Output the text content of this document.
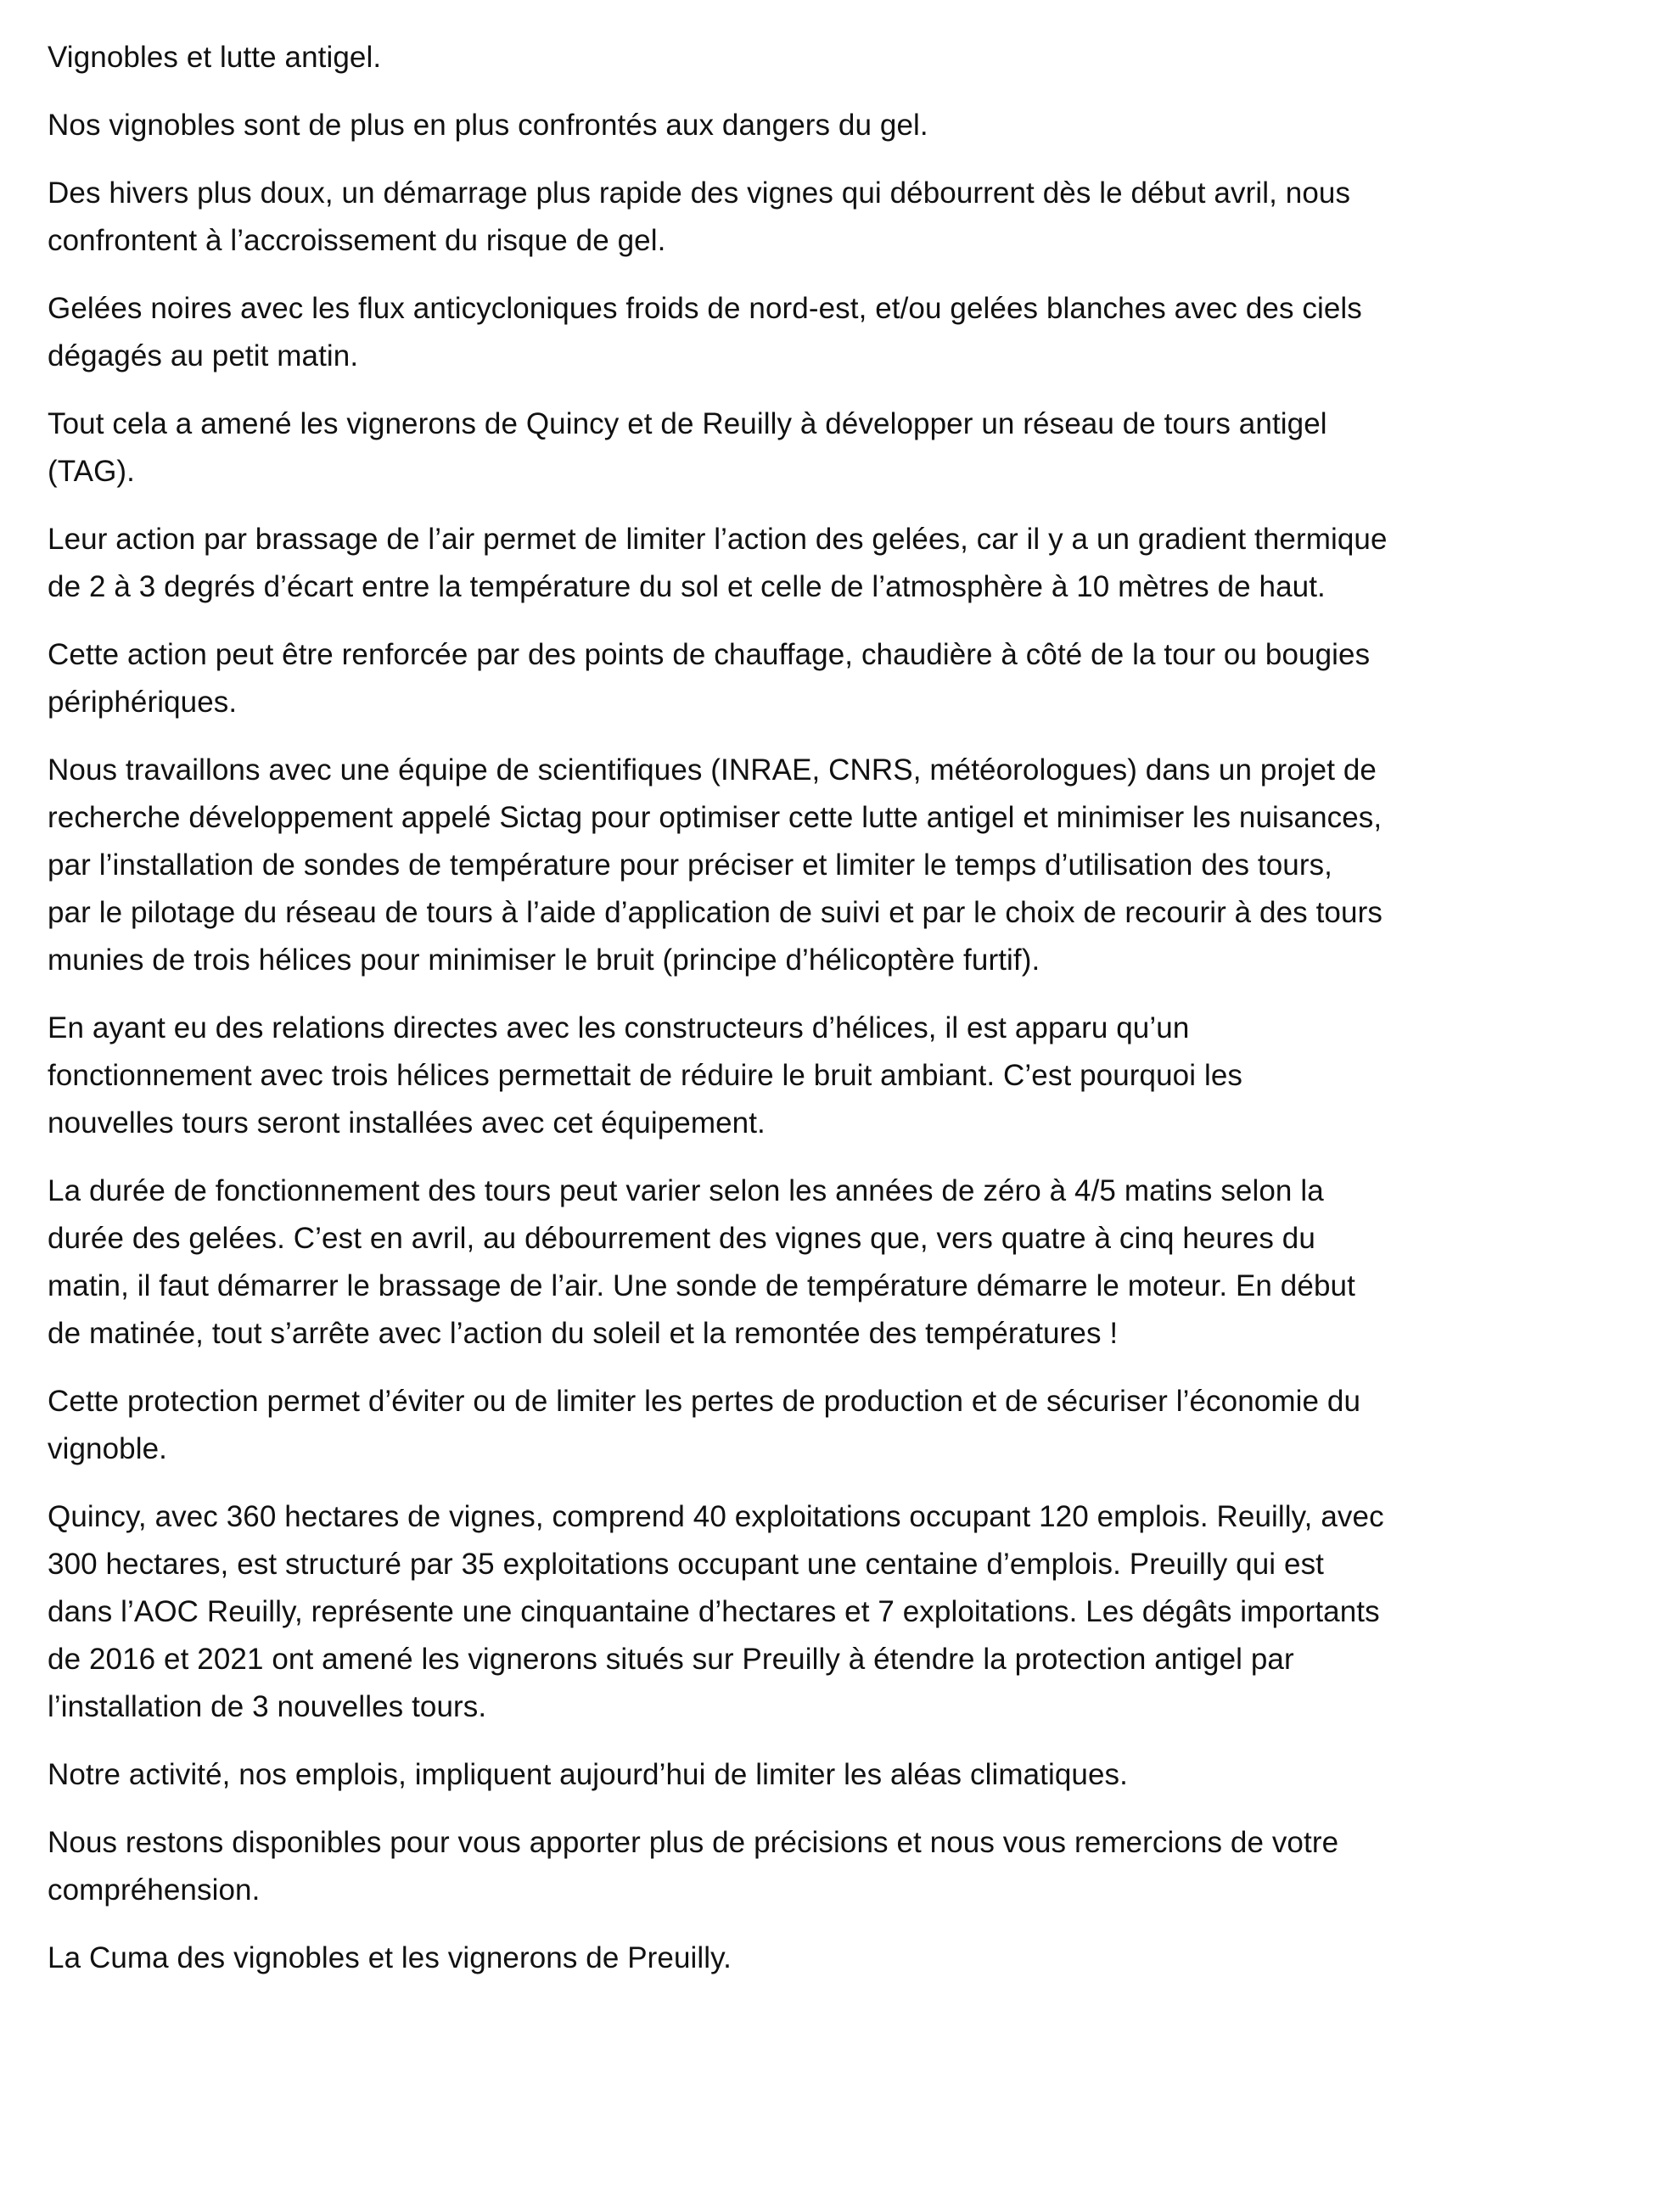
Vignobles et lutte antigel.
Nos vignobles sont de plus en plus confrontés aux dangers du gel.
Des hivers plus doux, un démarrage plus rapide des vignes qui débourrent dès le début avril, nous
confrontent à l’accroissement du risque de gel.
Gelées noires avec les flux anticycloniques froids de nord-est, et/ou gelées blanches avec des ciels
dégagés au petit matin.
Tout cela a amené les vignerons de Quincy et de Reuilly à développer un réseau de tours antigel
(TAG).
Leur action par brassage de l’air permet de limiter l’action des gelées, car il y a un gradient thermique
de 2 à 3 degrés d’écart entre la température du sol et celle de l’atmosphère à 10 mètres de haut.
Cette action peut être renforcée par des points de chauffage, chaudière à côté de la tour ou bougies
périphériques.
Nous travaillons avec une équipe de scientifiques (INRAE, CNRS, météorologues) dans un projet de
recherche développement appelé Sictag pour optimiser cette lutte antigel et minimiser les nuisances,
par l’installation de sondes de température pour préciser et limiter le temps d’utilisation des tours,
par le pilotage du réseau de tours à l’aide d’application de suivi et par le choix de recourir à des tours
munies de trois hélices pour minimiser le bruit (principe d’hélicoptère furtif).
En ayant eu des relations directes avec les constructeurs d’hélices, il est apparu qu’un
fonctionnement avec trois hélices permettait de réduire le bruit ambiant. C’est pourquoi les
nouvelles tours seront installées avec cet équipement.
La durée de fonctionnement des tours peut varier selon les années de zéro à 4/5 matins selon la
durée des gelées. C’est en avril, au débourrement des vignes que, vers quatre à cinq heures du
matin, il faut démarrer le brassage de l’air. Une sonde de température démarre le moteur. En début
de matinée, tout s’arrête avec l’action du soleil et la remontée des températures !
Cette protection permet d’éviter ou de limiter les pertes de production et de sécuriser l’économie du
vignoble.
Quincy, avec 360 hectares de vignes, comprend 40 exploitations occupant 120 emplois. Reuilly, avec
300 hectares, est structuré par 35 exploitations occupant une centaine d’emplois. Preuilly qui est
dans l’AOC Reuilly, représente une cinquantaine d’hectares et 7 exploitations. Les dégâts importants
de 2016 et 2021 ont amené les vignerons situés sur Preuilly à étendre la protection antigel par
l’installation de 3 nouvelles tours.
Notre activité, nos emplois, impliquent aujourd’hui de limiter les aléas climatiques.
Nous restons disponibles pour vous apporter plus de précisions et nous vous remercions de votre
compréhension.
La Cuma des vignobles et les vignerons de Preuilly.
